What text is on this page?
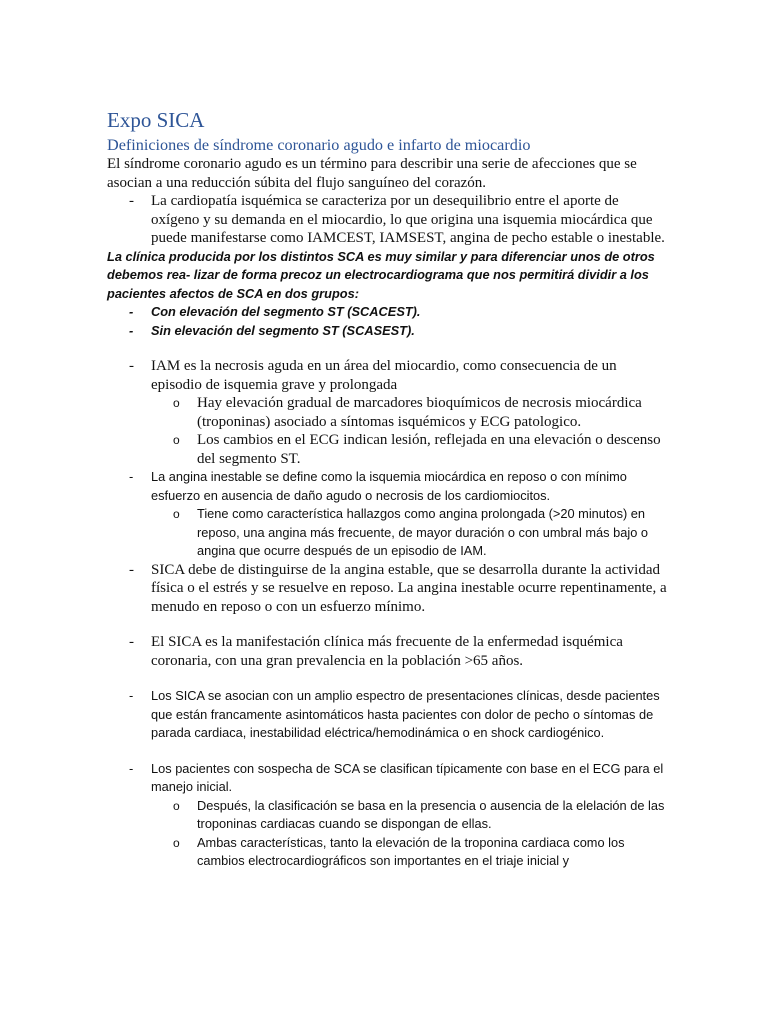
Expo SICA
Definiciones de síndrome coronario agudo e infarto de miocardio

El síndrome coronario agudo es un término para describir una serie de afecciones que se asocian a una reducción súbita del flujo sanguíneo del corazón.

- La cardiopatía isquémica se caracteriza por un desequilibrio entre el aporte de oxígeno y su demanda en el miocardio, lo que origina una isquemia miocárdica que puede manifestarse como IAMCEST, IAMSEST, angina de pecho estable o inestable.

La clínica producida por los distintos SCA es muy similar y para diferenciar unos de otros debemos rea- lizar de forma precoz un electrocardiograma que nos permitirá dividir a los pacientes afectos de SCA en dos grupos:

- Con elevación del segmento ST (SCACEST).
- Sin elevación del segmento ST (SCASEST).
- IAM es la necrosis aguda en un área del miocardio, como consecuencia de un episodio de isquemia grave y prolongada
o Hay elevación gradual de marcadores bioquímicos de necrosis miocárdica (troponinas) asociado a síntomas isquémicos y ECG patologico.
o Los cambios en el ECG indican lesión, reflejada en una elevación o descenso del segmento ST.
- La angina inestable se define como la isquemia miocárdica en reposo o con mínimo esfuerzo en ausencia de daño agudo o necrosis de los cardiomiocitos.
o Tiene como característica hallazgos como angina prolongada (>20 minutos) en reposo, una angina más frecuente, de mayor duración o con umbral más bajo o angina que ocurre después de un episodio de IAM.
- SICA debe de distinguirse de la angina estable, que se desarrolla durante la actividad física o el estrés y se resuelve en reposo. La angina inestable ocurre repentinamente, a menudo en reposo o con un esfuerzo mínimo.
- El SICA es la manifestación clínica más frecuente de la enfermedad isquémica coronaria, con una gran prevalencia en la población >65 años.
- Los SICA se asocian con un amplio espectro de presentaciones clínicas, desde pacientes que están francamente asintomáticos hasta pacientes con dolor de pecho o síntomas de parada cardiaca, inestabilidad eléctrica/hemodinámica o en shock cardiogénico.
- Los pacientes con sospecha de SCA se clasifican típicamente con base en el ECG para el manejo inicial.
o Después, la clasificación se basa en la presencia o ausencia de la elelación de las troponinas cardiacas cuando se dispongan de ellas.
o Ambas características, tanto la elevación de la troponina cardiaca como los cambios electrocardiográficos son importantes en el triaje inicial y
